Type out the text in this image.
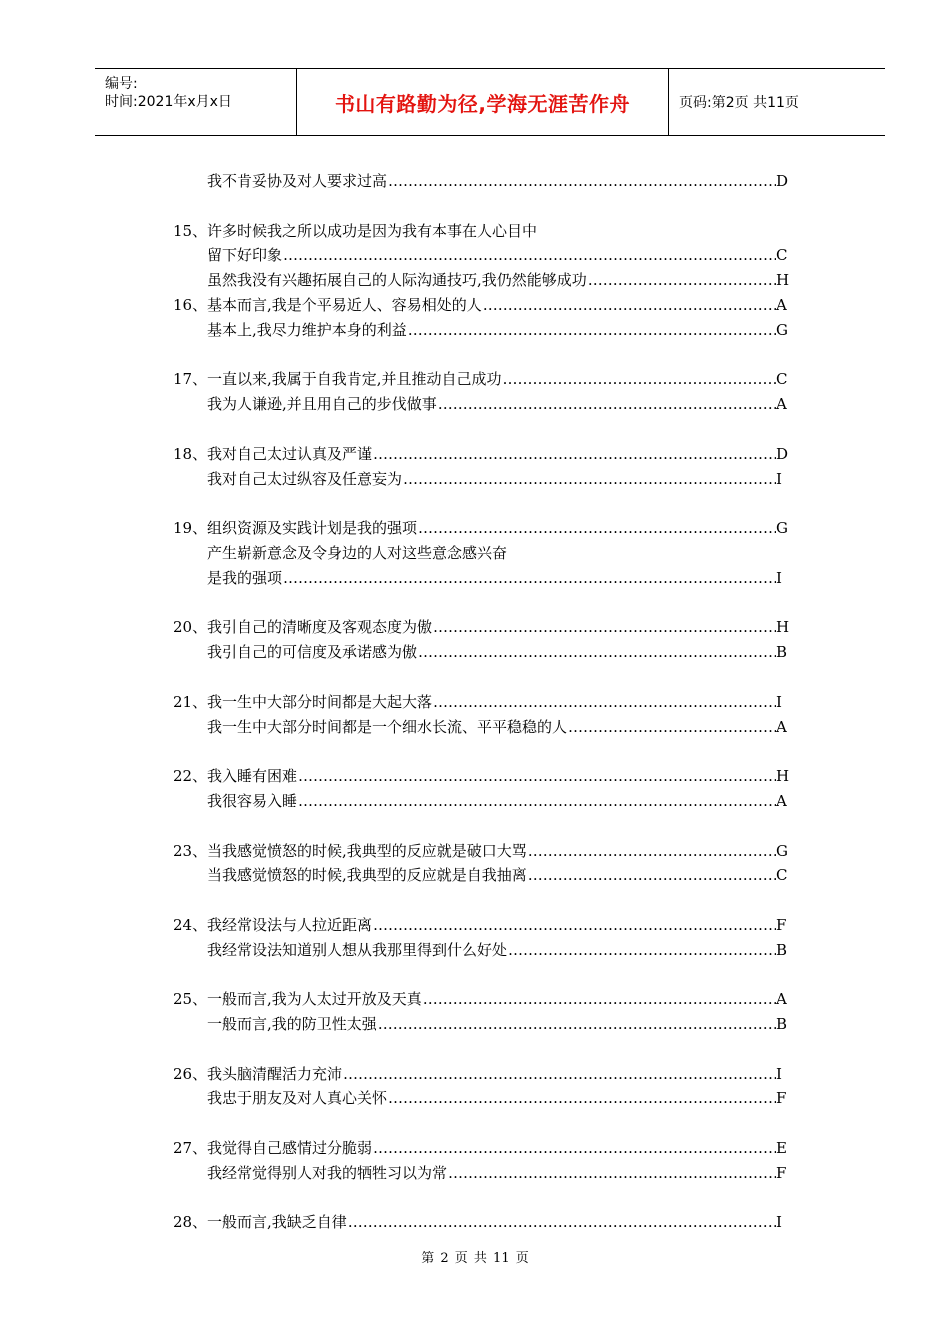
编号:
时间:2021年x月x日	书山有路勤为径,学海无涯苦作舟	页码:第2页 共11页
我不肯妥协及对人要求过高 ……………………………………………………………………………………………………………………………………………………………………………………	D
15、 许多时候我之所以成功是因为我有本事在人心目中
留下好印象 ……………………………………………………………………………………………………………………………………………………………………………………	C
虽然我没有兴趣拓展自己的人际沟通技巧,我仍然能够成功 ……………………………………………………………………………………………………………………………………………………………………………………	H
16、 基本而言,我是个平易近人、容易相处的人 ……………………………………………………………………………………………………………………………………………………………………………………	A
基本上,我尽力维护本身的利益 ……………………………………………………………………………………………………………………………………………………………………………………	G
17、 一直以来,我属于自我肯定,并且推动自己成功 ……………………………………………………………………………………………………………………………………………………………………………………	C
我为人谦逊,并且用自己的步伐做事 ……………………………………………………………………………………………………………………………………………………………………………………	A
18、 我对自己太过认真及严谨 ……………………………………………………………………………………………………………………………………………………………………………………	D
我对自己太过纵容及任意妄为 ……………………………………………………………………………………………………………………………………………………………………………………	I
19、 组织资源及实践计划是我的强项 ……………………………………………………………………………………………………………………………………………………………………………………	G
产生崭新意念及令身边的人对这些意念感兴奋
是我的强项 ……………………………………………………………………………………………………………………………………………………………………………………	I
20、 我引自己的清晰度及客观态度为傲 ……………………………………………………………………………………………………………………………………………………………………………………	H
我引自己的可信度及承诺感为傲 ……………………………………………………………………………………………………………………………………………………………………………………	B
21、 我一生中大部分时间都是大起大落 ……………………………………………………………………………………………………………………………………………………………………………………	I
我一生中大部分时间都是一个细水长流、平平稳稳的人 ……………………………………………………………………………………………………………………………………………………………………………………	A
22、 我入睡有困难 ……………………………………………………………………………………………………………………………………………………………………………………	H
我很容易入睡 ……………………………………………………………………………………………………………………………………………………………………………………	A
23、 当我感觉愤怒的时候,我典型的反应就是破口大骂 ……………………………………………………………………………………………………………………………………………………………………………………	G
当我感觉愤怒的时候,我典型的反应就是自我抽离 ……………………………………………………………………………………………………………………………………………………………………………………	C
24、 我经常设法与人拉近距离 ……………………………………………………………………………………………………………………………………………………………………………………	F
我经常设法知道别人想从我那里得到什么好处 ……………………………………………………………………………………………………………………………………………………………………………………	B
25、 一般而言,我为人太过开放及天真 ……………………………………………………………………………………………………………………………………………………………………………………	A
一般而言,我的防卫性太强 ……………………………………………………………………………………………………………………………………………………………………………………	B
26、 我头脑清醒活力充沛 ……………………………………………………………………………………………………………………………………………………………………………………	I
我忠于朋友及对人真心关怀 ……………………………………………………………………………………………………………………………………………………………………………………	F
27、 我觉得自己感情过分脆弱 ……………………………………………………………………………………………………………………………………………………………………………………	E
我经常觉得别人对我的牺牲习以为常 ……………………………………………………………………………………………………………………………………………………………………………………	F
28、 一般而言,我缺乏自律 ……………………………………………………………………………………………………………………………………………………………………………………	I
第 2 页 共 11 页
